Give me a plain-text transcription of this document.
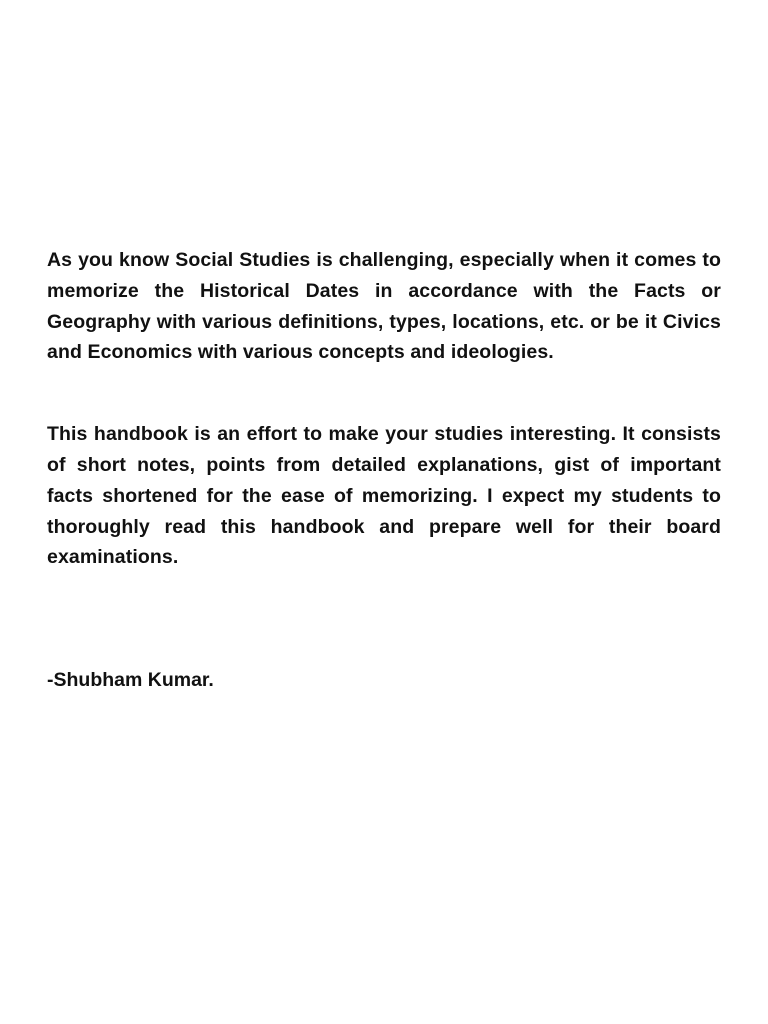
As you know Social Studies is challenging, especially when it comes to memorize the Historical Dates in accordance with the Facts or Geography with various definitions, types, locations, etc. or be it Civics and Economics with various concepts and ideologies.

This handbook is an effort to make your studies interesting. It consists of short notes, points from detailed explanations, gist of important facts shortened for the ease of memorizing. I expect my students to thoroughly read this handbook and prepare well for their board examinations.

-Shubham Kumar.
